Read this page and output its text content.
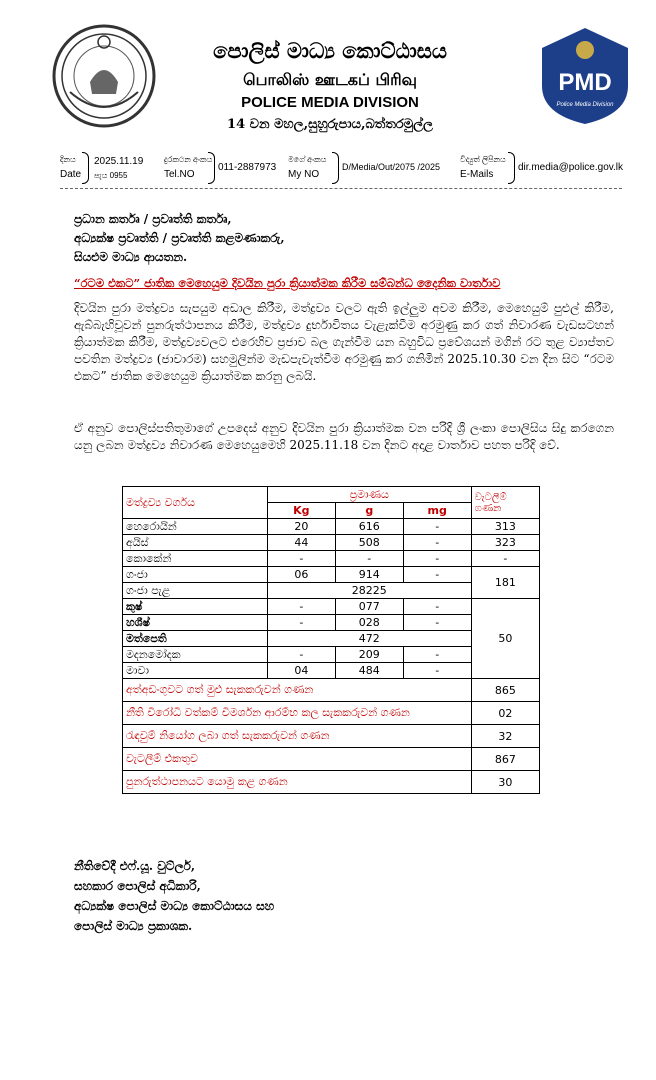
පොලිස් මාධ්‍ය කොට්ඨාසය
பொலிஸ் ஊடகப் பிரிவு
POLICE MEDIA DIVISION
14 වන මහල,සුහුරුපාය,බත්තරමුල්ල
PMD
Police Media Division
දිනය
Date
2025.11.19
පැය 0955
දුරකථන අංකය
Tel.NO
011-2887973
මගේ අංකය
My NO
D/Media/Out/2075 /2025
විද්‍යුත් ලිපිනය
E-Mails
dir.media@police.gov.lk
ප්‍රධාන කර්තෘ / ප්‍රවෘත්ති කර්තෘ,
අධ්‍යක්ෂ ප්‍රවෘත්ති / ප්‍රවෘත්ති කළමණාකරු,
සියළුම මාධ්‍ය ආයතන.
“රටම එකට” ජාතික මෙහෙයුම දිවයින පුරා ක්‍රියාත්මක කිරීම සම්බන්ධ දෛනික වාර්තාව
දිවයින පුරා මත්ද්‍රව්‍ය සැපයුම අඩාල කිරීම, මත්ද්‍රව්‍ය වලට ඇති ඉල්ලුම අවම කිරීම, මෙහෙයුම් පුළුල් කිරීම, ඇබ්බැහිවූවන් පුනරුත්ථාපනය කිරීම, මත්ද්‍රව්‍ය දුර්භාවිතය වැළැක්වීම අරමුණු කර ගත් නිවාරණ වැඩසටහන් ක්‍රියාත්මක කිරීම, මත්ද්‍රව්‍යවලට එරෙහිව ප්‍රජාව බල ගැන්වීම යන බහුවිධ ප්‍රවේශයන් මගින් රට තුළ ව්‍යාප්තව පවතින මත්ද්‍රව්‍ය (ජාවාරම) සහමුලින්ම මැඩපැවැත්වීම අරමුණු කර ගනිමින් 2025.10.30 වන දින සිට “රටම එකට” ජාතික මෙහෙයුම ක්‍රියාත්මක කරනු ලබයි.
ඒ අනුව පොලිස්පතිතුමාගේ උපදෙස් අනුව දිවයින පුරා ක්‍රියාත්මක වන පරිදි ශ්‍රී ලංකා පොලිසිය සිදු කරගෙන යනු ලබන මත්ද්‍රව්‍ය නිවාරණ මෙහෙයුමෙහි 2025.11.18 වන දිනට අදාළ වාර්තාව පහත පරිදි වේ.
මත්ද්‍රව්‍ය වර්ගය	ප්‍රමාණය			වැටලීම් ගණන
	Kg	g	mg	
හෙරොයින්	20	616	-	313
අයිස්	44	508	-	323
කොකේන්	-	-	-	-
ගංජා	06	914	-	181
ගංජා පැළ	28225			
කුෂ්	-	077	-	50
හශීෂ්	-	028	-	
මත්පෙති	472			
මදනමෝදක	-	209	-	
මාවා	04	484	-	
අත්අඩංගුවට ගත් මුළු සැකකරුවන් ගණන				865
නීති විරෝධී වත්කම් විමර්ශන ආරම්භ කල සැකකරුවන් ගණන				02
රැඳවුම් නියෝග ලබා ගත් සැකකරුවන් ගණන				32
වැටලීම් එකතුව				867
පුනරුත්ථාපනයට යොමු කළ ගණන				30
නීතිවේදී එෆ්.යූ. වුට්ලර්,
සහකාර පොලිස් අධිකාරි,
අධ්‍යක්ෂ පොලිස් මාධ්‍ය කොට්ඨාසය සහ
පොලිස් මාධ්‍ය ප්‍රකාශක.
